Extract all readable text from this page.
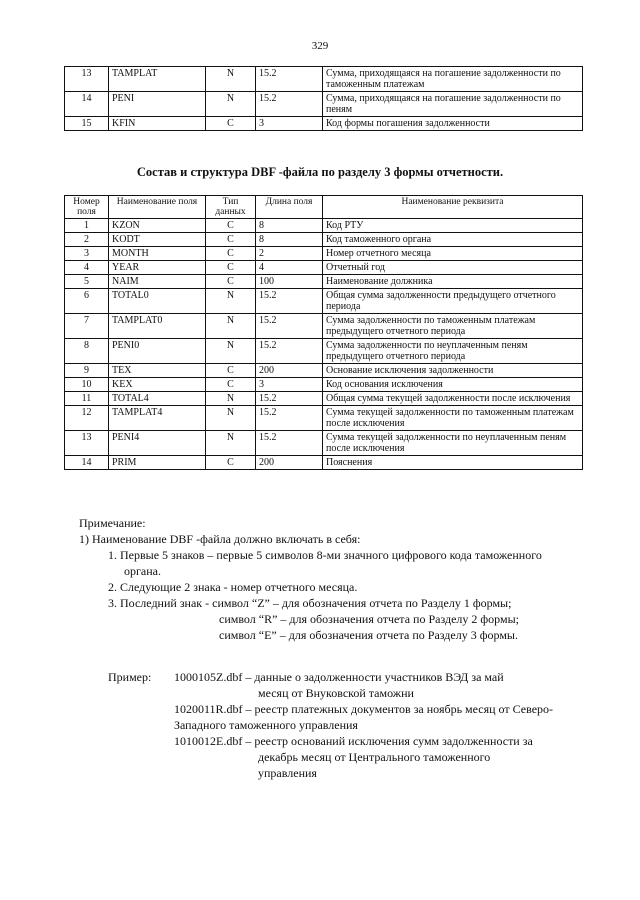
329
13	TAMPLAT	N	15.2	Сумма, приходящаяся на погашение задолженности по таможенным платежам
14	PENI	N	15.2	Сумма, приходящаяся на погашение задолженности по пеням
15	KFIN	C	3	Код формы погашения задолженности
Состав и структура DBF -файла по разделу 3 формы отчетности.
Номер поля	Наименование поля	Тип данных	Длина поля	Наименование реквизита
1	KZON	C	8	Код РТУ
2	KODT	C	8	Код таможенного органа
3	MONTH	C	2	Номер отчетного месяца
4	YEAR	C	4	Отчетный год
5	NAIM	C	100	Наименование должника
6	TOTAL0	N	15.2	Общая сумма задолженности предыдущего отчетного периода
7	TAMPLAT0	N	15.2	Сумма задолженности по таможенным платежам предыдущего отчетного периода
8	PENI0	N	15.2	Сумма задолженности по неуплаченным пеням предыдущего отчетного периода
9	TEX	C	200	Основание исключения задолженности
10	KEX	C	3	Код основания исключения
11	TOTAL4	N	15.2	Общая сумма текущей задолженности после исключения
12	TAMPLAT4	N	15.2	Сумма текущей задолженности по таможенным платежам после исключения
13	PENI4	N	15.2	Сумма текущей задолженности по неуплаченным пеням после исключения
14	PRIM	C	200	Пояснения
Примечание:
1) Наименование DBF -файла должно включать в себя:
1. Первые 5 знаков – первые 5 символов 8-ми значного цифрового кода таможенного
органа.
2. Следующие 2 знака - номер отчетного месяца.
3. Последний знак - символ “Z” – для обозначения отчета по Разделу 1 формы;
символ “R” – для обозначения отчета по Разделу 2 формы;
символ “E” – для обозначения отчета по Разделу 3 формы.
Пример: 1000105Z.dbf – данные о задолженности участников ВЭД за май
месяц от Внуковской таможни
1020011R.dbf – реестр платежных документов за ноябрь месяц от Северо-Западного таможенного управления
1010012E.dbf – реестр оснований исключения сумм задолженности за
декабрь месяц от Центрального таможенного
управления
